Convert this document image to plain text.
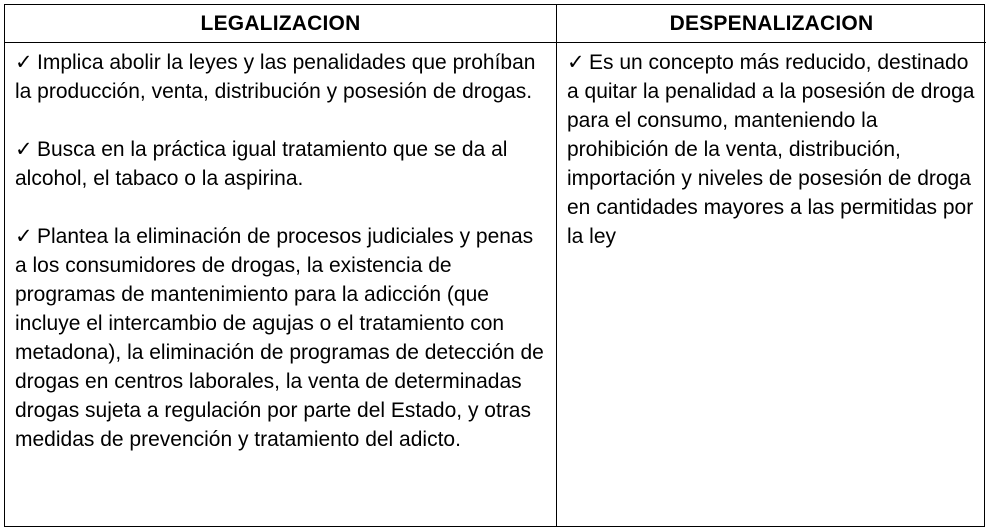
LEGALIZACION	DESPENALIZACION

✓ Implica abolir la leyes y las penalidades que prohíban la producción, venta, distribución y posesión de drogas.

✓ Busca en la práctica igual tratamiento que se da al alcohol, el tabaco o la aspirina.

✓ Plantea la eliminación de procesos judiciales y penas a los consumidores de drogas, la existencia de programas de mantenimiento para la adicción (que incluye el intercambio de agujas o el tratamiento con metadona), la eliminación de programas de detección de drogas en centros laborales, la venta de determinadas drogas sujeta a regulación por parte del Estado, y otras medidas de prevención y tratamiento del adicto.

✓ Es un concepto más reducido, destinado a quitar la penalidad a la posesión de droga para el consumo, manteniendo la prohibición de la venta, distribución, importación y niveles de posesión de droga en cantidades mayores a las permitidas por la ley
